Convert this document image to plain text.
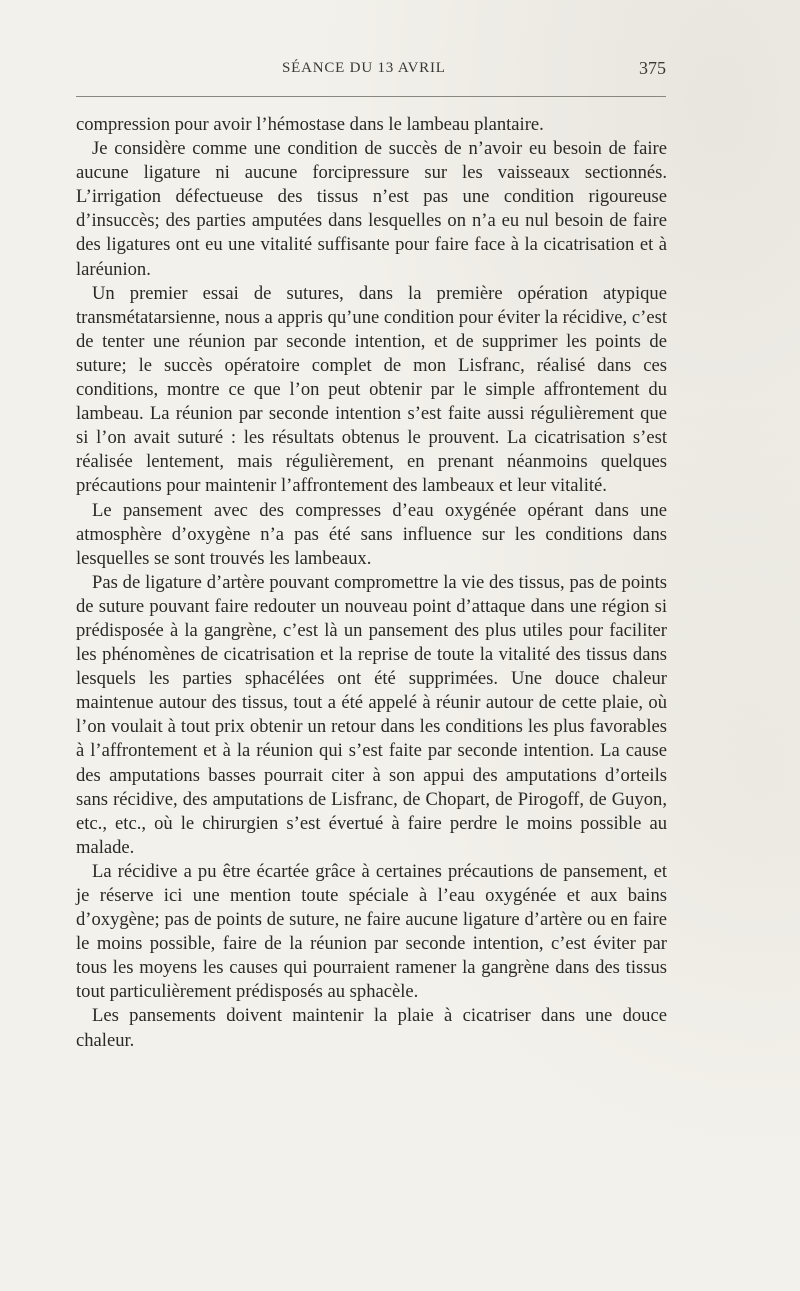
SÉANCE DU 13 AVRIL	375

compression pour avoir l’hémostase dans le lambeau plantaire.

Je considère comme une condition de succès de n’avoir eu besoin de faire aucune ligature ni aucune forcipressure sur les vaisseaux sectionnés. L’irrigation défectueuse des tissus n’est pas une condition rigoureuse d’insuccès; des parties amputées dans lesquelles on n’a eu nul besoin de faire des ligatures ont eu une vitalité suffisante pour faire face à la cicatrisation et à laréunion.

Un premier essai de sutures, dans la première opération atypique transmétatarsienne, nous a appris qu’une condition pour éviter la récidive, c’est de tenter une réunion par seconde intention, et de supprimer les points de suture; le succès opératoire complet de mon Lisfranc, réalisé dans ces conditions, montre ce que l’on peut obtenir par le simple affrontement du lambeau. La réunion par seconde intention s’est faite aussi régulièrement que si l’on avait suturé : les résultats obtenus le prouvent. La cicatrisation s’est réalisée lentement, mais régulièrement, en prenant néanmoins quelques précautions pour maintenir l’affrontement des lambeaux et leur vitalité.

Le pansement avec des compresses d’eau oxygénée opérant dans une atmosphère d’oxygène n’a pas été sans influence sur les conditions dans lesquelles se sont trouvés les lambeaux.

Pas de ligature d’artère pouvant compromettre la vie des tissus, pas de points de suture pouvant faire redouter un nouveau point d’attaque dans une région si prédisposée à la gangrène, c’est là un pansement des plus utiles pour faciliter les phénomènes de cicatrisation et la reprise de toute la vitalité des tissus dans lesquels les parties sphacélées ont été supprimées. Une douce chaleur maintenue autour des tissus, tout a été appelé à réunir autour de cette plaie, où l’on voulait à tout prix obtenir un retour dans les conditions les plus favorables à l’affrontement et à la réunion qui s’est faite par seconde intention. La cause des amputations basses pourrait citer à son appui des amputations d’orteils sans récidive, des amputations de Lisfranc, de Chopart, de Pirogoff, de Guyon, etc., etc., où le chirurgien s’est évertué à faire perdre le moins possible au malade.

La récidive a pu être écartée grâce à certaines précautions de pansement, et je réserve ici une mention toute spéciale à l’eau oxygénée et aux bains d’oxygène; pas de points de suture, ne faire aucune ligature d’artère ou en faire le moins possible, faire de la réunion par seconde intention, c’est éviter par tous les moyens les causes qui pourraient ramener la gangrène dans des tissus tout particulièrement prédisposés au sphacèle.

Les pansements doivent maintenir la plaie à cicatriser dans une douce chaleur.
